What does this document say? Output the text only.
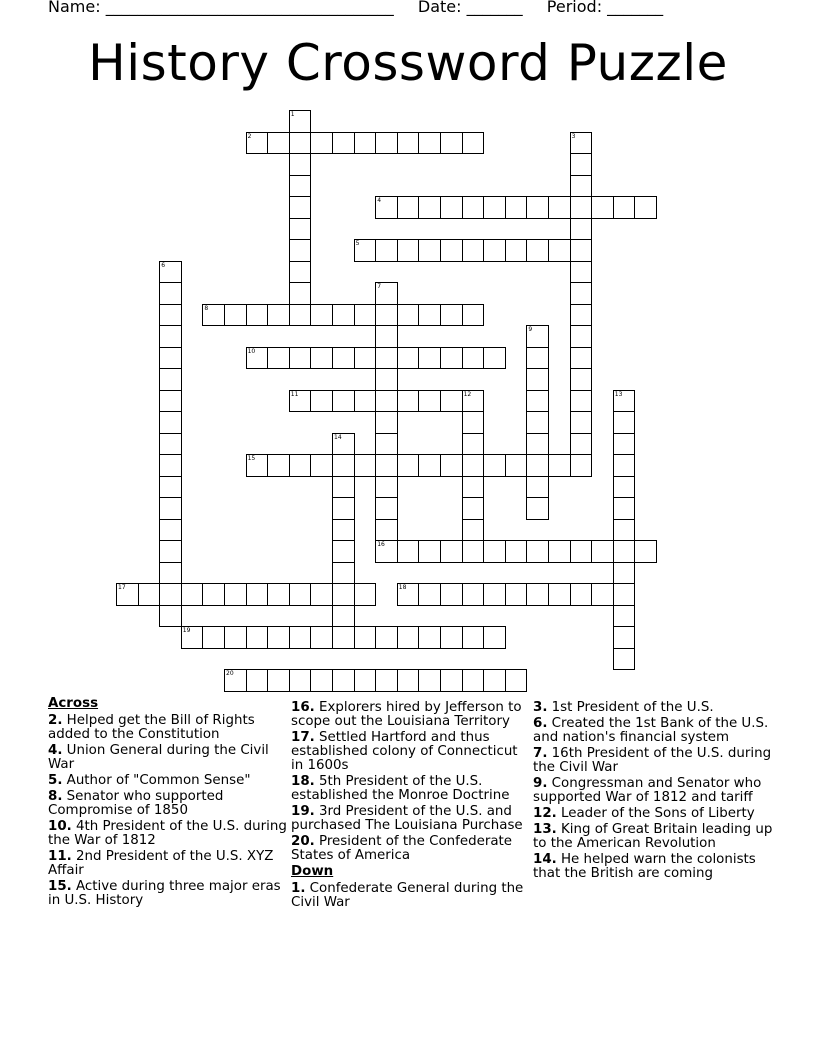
Name: ____________________________________ Date: _______ Period: _______
History Crossword Puzzle
1
2	3
4
5
6
7
16
8
9
10
11	12	13
14
15
17	18
19
20
Across
2. Helped get the Bill of Rights added to the Constitution
4. Union General during the Civil War
5. Author of "Common Sense"
8. Senator who supported Compromise of 1850
10. 4th President of the U.S. during the War of 1812
11. 2nd President of the U.S. XYZ Affair
15. Active during three major eras in U.S. History
16. Explorers hired by Jefferson to scope out the Louisiana Territory
17. Settled Hartford and thus established colony of Connecticut in 1600s
18. 5th President of the U.S. established the Monroe Doctrine
19. 3rd President of the U.S. and purchased The Louisiana Purchase
20. President of the Confederate States of America
Down
1. Confederate General during the Civil War
3. 1st President of the U.S.
6. Created the 1st Bank of the U.S. and nation's financial system
7. 16th President of the U.S. during the Civil War
9. Congressman and Senator who supported War of 1812 and tariff
12. Leader of the Sons of Liberty
13. King of Great Britain leading up to the American Revolution
14. He helped warn the colonists that the British are coming
